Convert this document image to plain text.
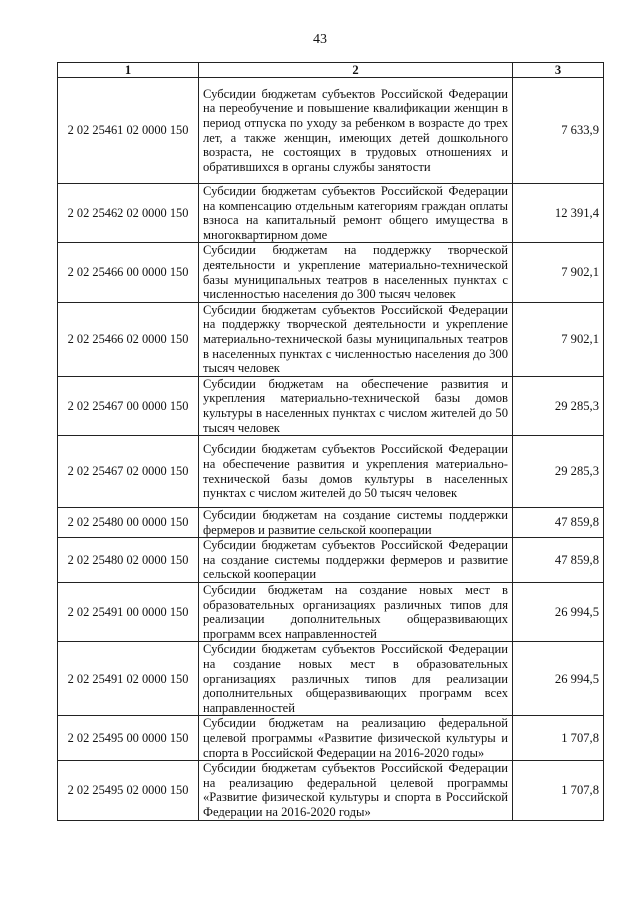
43
1	2	3
2 02 25461 02 0000 150	Субсидии бюджетам субъектов Российской Федерации на переобучение и повышение квалификации женщин в период отпуска по уходу за ребенком в возрасте до трех лет, а также женщин, имеющих детей дошкольного возраста, не состоящих в трудовых отношениях и обратившихся в органы службы занятости	7 633,9
2 02 25462 02 0000 150	Субсидии бюджетам субъектов Российской Федерации на компенсацию отдельным категориям граждан оплаты взноса на капитальный ремонт общего имущества в многоквартирном доме	12 391,4
2 02 25466 00 0000 150	Субсидии бюджетам на поддержку творческой деятельности и укрепление материально-технической базы муниципальных театров в населенных пунктах с численностью населения до 300 тысяч человек	7 902,1
2 02 25466 02 0000 150	Субсидии бюджетам субъектов Российской Федерации на поддержку творческой деятельности и укрепление материально-технической базы муниципальных театров в населенных пунктах с численностью населения до 300 тысяч человек	7 902,1
2 02 25467 00 0000 150	Субсидии бюджетам на обеспечение развития и укрепления материально-технической базы домов культуры в населенных пунктах с числом жителей до 50 тысяч человек	29 285,3
2 02 25467 02 0000 150	Субсидии бюджетам субъектов Российской Федерации на обеспечение развития и укрепления материально-технической базы домов культуры в населенных пунктах с числом жителей до 50 тысяч человек	29 285,3
2 02 25480 00 0000 150	Субсидии бюджетам на создание системы поддержки фермеров и развитие сельской кооперации	47 859,8
2 02 25480 02 0000 150	Субсидии бюджетам субъектов Российской Федерации на создание системы поддержки фермеров и развитие сельской кооперации	47 859,8
2 02 25491 00 0000 150	Субсидии бюджетам на создание новых мест в образовательных организациях различных типов для реализации дополнительных общеразвивающих программ всех направленностей	26 994,5
2 02 25491 02 0000 150	Субсидии бюджетам субъектов Российской Федерации на создание новых мест в образовательных организациях различных типов для реализации дополнительных общеразвивающих программ всех направленностей	26 994,5
2 02 25495 00 0000 150	Субсидии бюджетам на реализацию федеральной целевой программы «Развитие физической культуры и спорта в Российской Федерации на 2016-2020 годы»	1 707,8
2 02 25495 02 0000 150	Субсидии бюджетам субъектов Российской Федерации на реализацию федеральной целевой программы «Развитие физической культуры и спорта в Российской Федерации на 2016-2020 годы»	1 707,8
